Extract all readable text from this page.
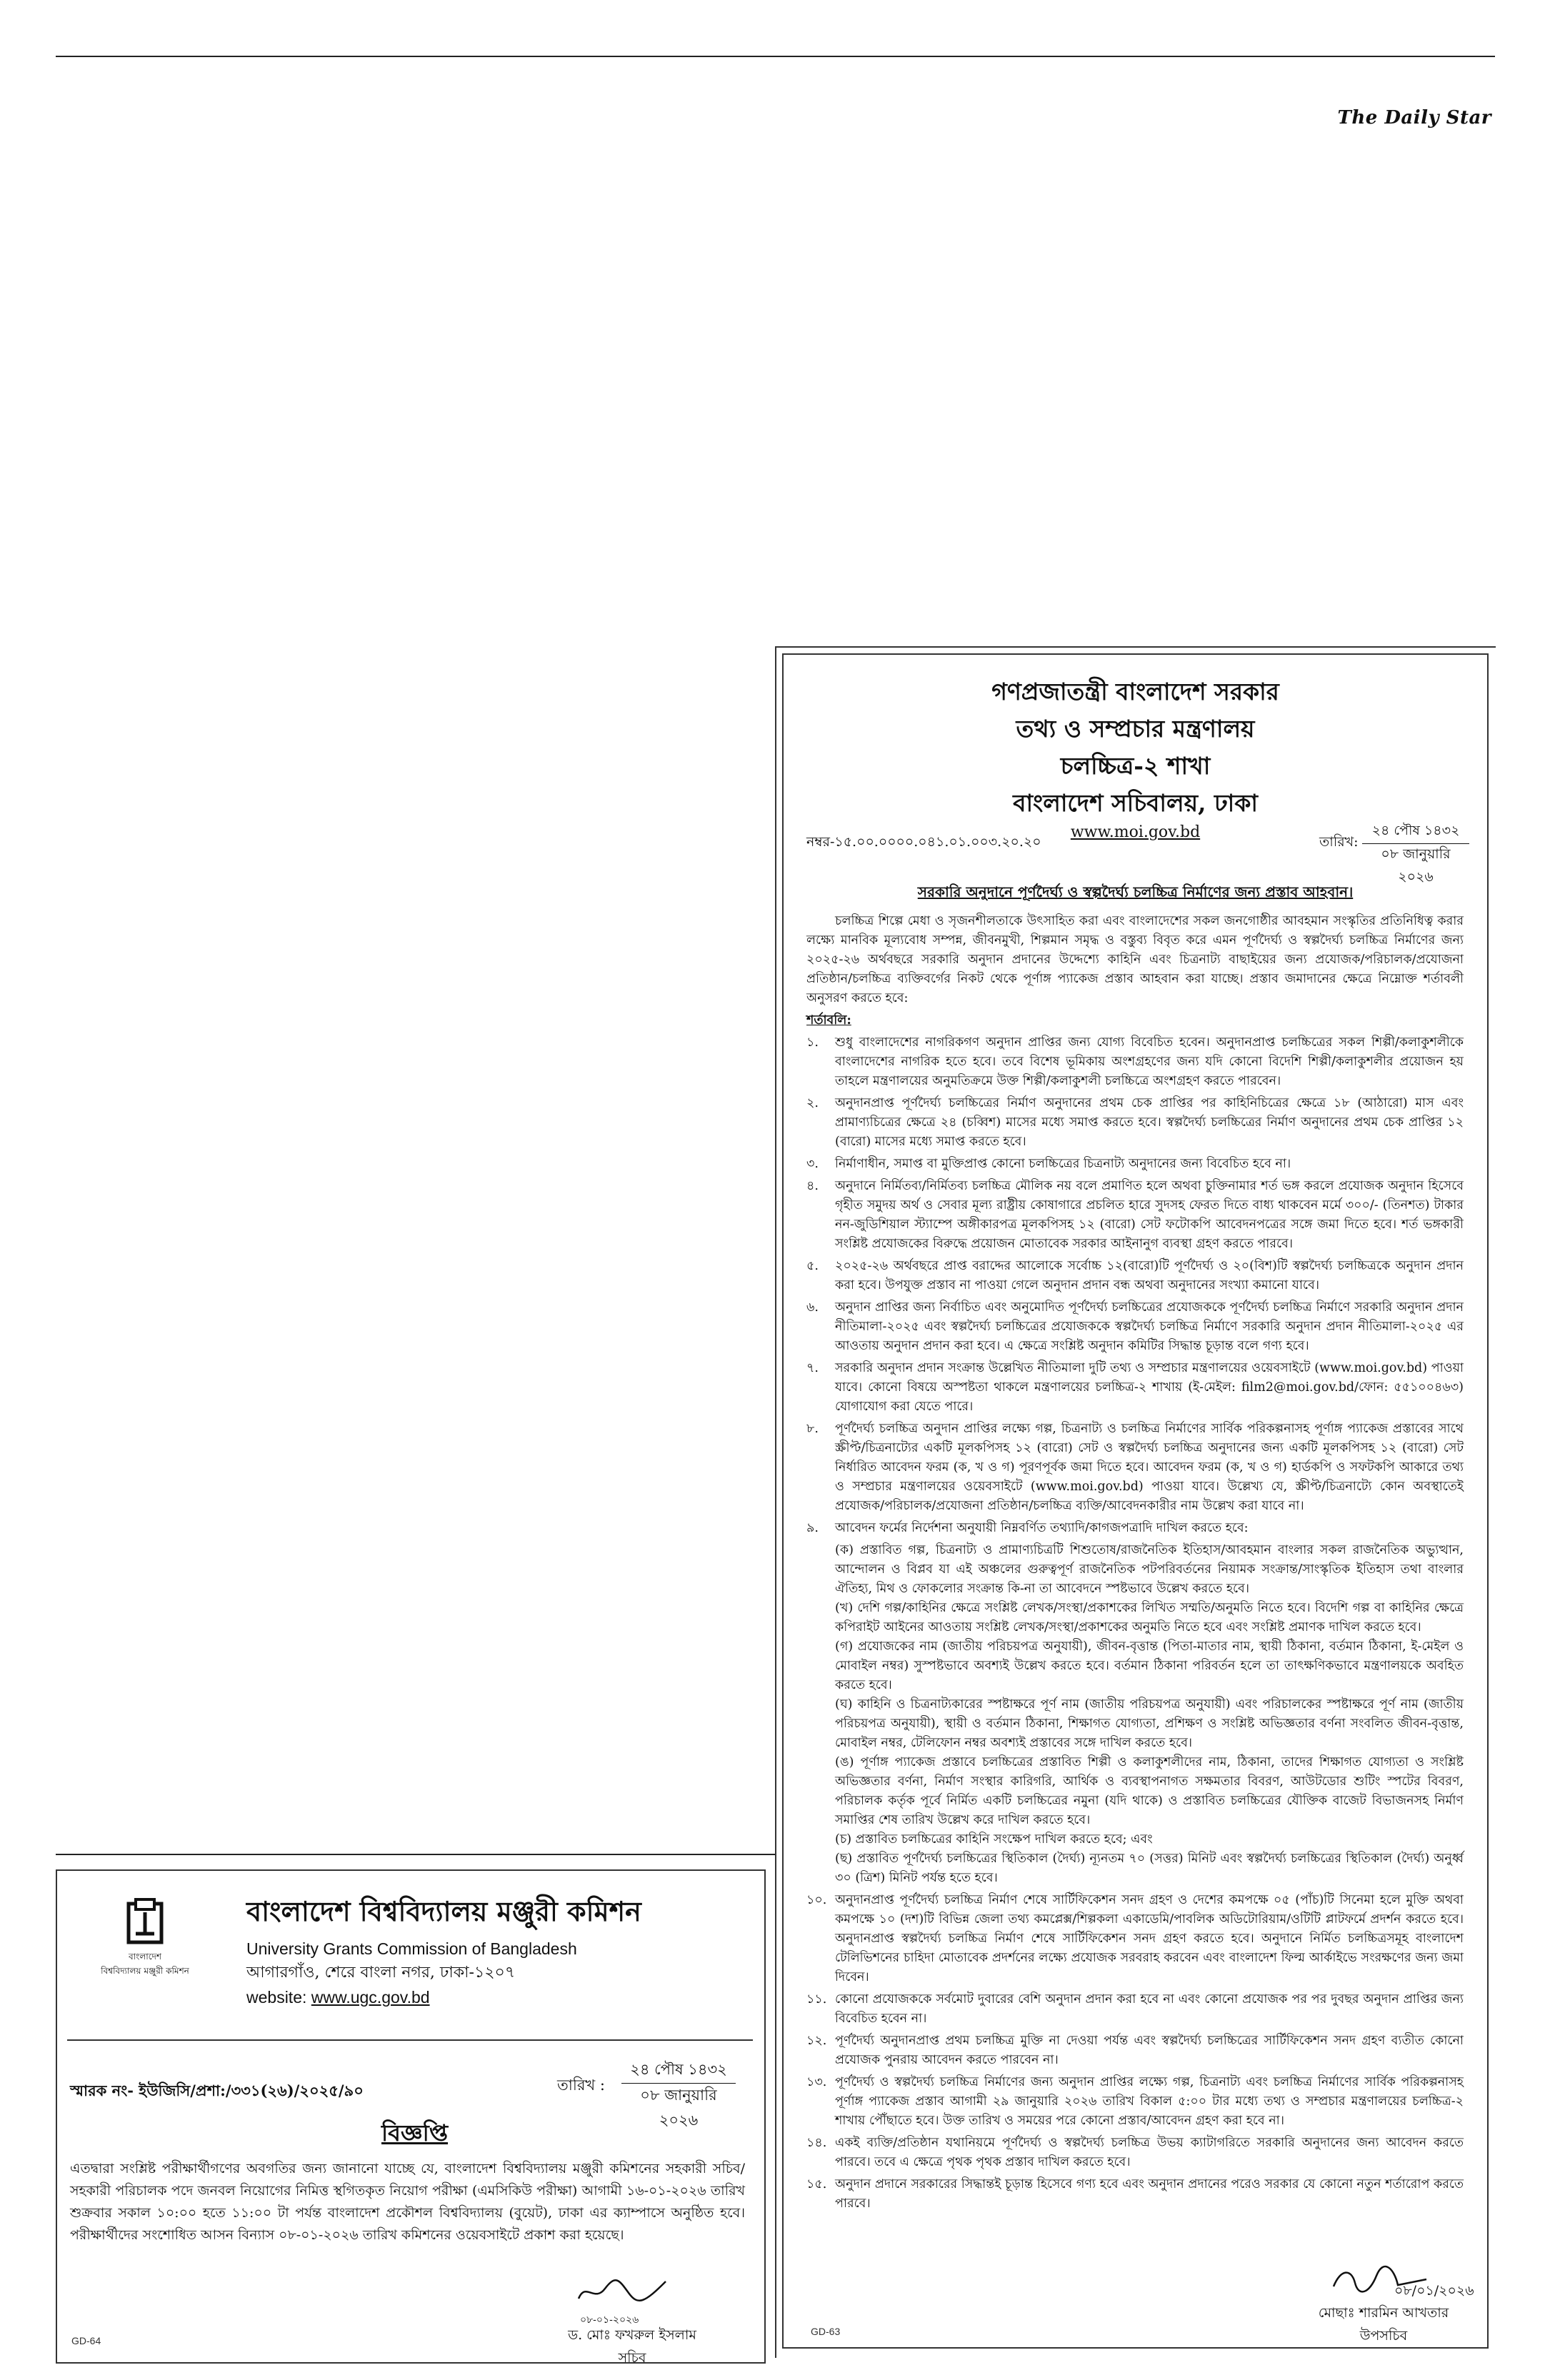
The Daily Star
গণপ্রজাতন্ত্রী বাংলাদেশ সরকার
তথ্য ও সম্প্রচার মন্ত্রণালয়
চলচ্চিত্র-২ শাখা
বাংলাদেশ সচিবালয়, ঢাকা
www.moi.gov.bd
নম্বর-১৫.০০.০০০০.০৪১.০১.০০৩.২০.২০	তারিখ:
২৪ পৌষ ১৪৩২
০৮ জানুয়ারি ২০২৬
সরকারি অনুদানে পূর্ণদৈর্ঘ্য ও স্বল্পদৈর্ঘ্য চলচ্চিত্র নির্মাণের জন্য প্রস্তাব আহবান।
চলচ্চিত্র শিল্পে মেধা ও সৃজনশীলতাকে উৎসাহিত করা এবং বাংলাদেশের সকল জনগোষ্ঠীর আবহমান সংস্কৃতির প্রতিনিধিত্ব করার লক্ষ্যে মানবিক মূল্যবোধ সম্পন্ন, জীবনমুখী, শিল্পমান সমৃদ্ধ ও বস্তুব্য বিবৃত করে এমন পূর্ণদৈর্ঘ্য ও স্বল্পদৈর্ঘ্য চলচ্চিত্র নির্মাণের জন্য ২০২৫-২৬ অর্থবছরে সরকারি অনুদান প্রদানের উদ্দেশ্যে কাহিনি এবং চিত্রনাট্য বাছাইয়ের জন্য প্রযোজক/পরিচালক/প্রযোজনা প্রতিষ্ঠান/চলচ্চিত্র ব্যক্তিবর্গের নিকট থেকে পূর্ণাঙ্গ প্যাকেজ প্রস্তাব আহবান করা যাচ্ছে। প্রস্তাব জমাদানের ক্ষেত্রে নিম্নোক্ত শর্তাবলী অনুসরণ করতে হবে:
শর্তাবলি:
১.	শুধু বাংলাদেশের নাগরিকগণ অনুদান প্রাপ্তির জন্য যোগ্য বিবেচিত হবেন। অনুদানপ্রাপ্ত চলচ্চিত্রের সকল শিল্পী/কলাকুশলীকে বাংলাদেশের নাগরিক হতে হবে। তবে বিশেষ ভূমিকায় অংশগ্রহণের জন্য যদি কোনো বিদেশি শিল্পী/কলাকুশলীর প্রয়োজন হয় তাহলে মন্ত্রণালয়ের অনুমতিক্রমে উক্ত শিল্পী/কলাকুশলী চলচ্চিত্রে অংশগ্রহণ করতে পারবেন।
২.	অনুদানপ্রাপ্ত পূর্ণদৈর্ঘ্য চলচ্চিত্রের নির্মাণ অনুদানের প্রথম চেক প্রাপ্তির পর কাহিনিচিত্রের ক্ষেত্রে ১৮ (আঠারো) মাস এবং প্রামাণ্যচিত্রের ক্ষেত্রে ২৪ (চব্বিশ) মাসের মধ্যে সমাপ্ত করতে হবে। স্বল্পদৈর্ঘ্য চলচ্চিত্রের নির্মাণ অনুদানের প্রথম চেক প্রাপ্তির ১২ (বারো) মাসের মধ্যে সমাপ্ত করতে হবে।
৩.	নির্মাণাধীন, সমাপ্ত বা মুক্তিপ্রাপ্ত কোনো চলচ্চিত্রের চিত্রনাট্য অনুদানের জন্য বিবেচিত হবে না।
৪.	অনুদানে নির্মিতব্য/নির্মিতব্য চলচ্চিত্র মৌলিক নয় বলে প্রমাণিত হলে অথবা চুক্তিনামার শর্ত ভঙ্গ করলে প্রযোজক অনুদান হিসেবে গৃহীত সমুদয় অর্থ ও সেবার মূল্য রাষ্ট্রীয় কোষাগারে প্রচলিত হারে সুদসহ ফেরত দিতে বাধ্য থাকবেন মর্মে ৩০০/- (তিনশত) টাকার নন-জুডিশিয়াল স্ট্যাম্পে অঙ্গীকারপত্র মূলকপিসহ ১২ (বারো) সেট ফটোকপি আবেদনপত্রের সঙ্গে জমা দিতে হবে। শর্ত ভঙ্গকারী সংশ্লিষ্ট প্রযোজকের বিরুদ্ধে প্রয়োজন মোতাবেক সরকার আইনানুগ ব্যবস্থা গ্রহণ করতে পারবে।
৫.	২০২৫-২৬ অর্থবছরে প্রাপ্ত বরাদ্দের আলোকে সর্বোচ্চ ১২(বারো)টি পূর্ণদৈর্ঘ্য ও ২০(বিশ)টি স্বল্পদৈর্ঘ্য চলচ্চিত্রকে অনুদান প্রদান করা হবে। উপযুক্ত প্রস্তাব না পাওয়া গেলে অনুদান প্রদান বন্ধ অথবা অনুদানের সংখ্যা কমানো যাবে।
৬.	অনুদান প্রাপ্তির জন্য নির্বাচিত এবং অনুমোদিত পূর্ণদৈর্ঘ্য চলচ্চিত্রের প্রযোজককে পূর্ণদৈর্ঘ্য চলচ্চিত্র নির্মাণে সরকারি অনুদান প্রদান নীতিমালা-২০২৫ এবং স্বল্পদৈর্ঘ্য চলচ্চিত্রের প্রযোজককে স্বল্পদৈর্ঘ্য চলচ্চিত্র নির্মাণে সরকারি অনুদান প্রদান নীতিমালা-২০২৫ এর আওতায় অনুদান প্রদান করা হবে। এ ক্ষেত্রে সংশ্লিষ্ট অনুদান কমিটির সিদ্ধান্ত চূড়ান্ত বলে গণ্য হবে।
৭.	সরকারি অনুদান প্রদান সংক্রান্ত উল্লেখিত নীতিমালা দুটি তথ্য ও সম্প্রচার মন্ত্রণালয়ের ওয়েবসাইটে (www.moi.gov.bd) পাওয়া যাবে। কোনো বিষয়ে অস্পষ্টতা থাকলে মন্ত্রণালয়ের চলচ্চিত্র-২ শাখায় (ই-মেইল: film2@moi.gov.bd/ফোন: ৫৫১০০৪৬৩) যোগাযোগ করা যেতে পারে।
৮.	পূর্ণদৈর্ঘ্য চলচ্চিত্র অনুদান প্রাপ্তির লক্ষ্যে গল্প, চিত্রনাট্য ও চলচ্চিত্র নির্মাণের সার্বিক পরিকল্পনাসহ পূর্ণাঙ্গ প্যাকেজ প্রস্তাবের সাথে স্ক্রীপ্ট/চিত্রনাট্যের একটি মূলকপিসহ ১২ (বারো) সেট ও স্বল্পদৈর্ঘ্য চলচ্চিত্র অনুদানের জন্য একটি মূলকপিসহ ১২ (বারো) সেট নির্ধারিত আবেদন ফরম (ক, খ ও গ) পূরণপূর্বক জমা দিতে হবে। আবেদন ফরম (ক, খ ও গ) হার্ডকপি ও সফটকপি আকারে তথ্য ও সম্প্রচার মন্ত্রণালয়ের ওয়েবসাইটে (www.moi.gov.bd) পাওয়া যাবে। উল্লেখ্য যে, স্ক্রীপ্ট/চিত্রনাট্যে কোন অবস্থাতেই প্রযোজক/পরিচালক/প্রযোজনা প্রতিষ্ঠান/চলচ্চিত্র ব্যক্তি/আবেদনকারীর নাম উল্লেখ করা যাবে না।
৯.	আবেদন ফর্মের নির্দেশনা অনুযায়ী নিম্নবর্ণিত তথ্যাদি/কাগজপত্রাদি দাখিল করতে হবে:
(ক) প্রস্তাবিত গল্প, চিত্রনাট্য ও প্রামাণ্যচিত্রটি শিশুতোষ/রাজনৈতিক ইতিহাস/আবহমান বাংলার সকল রাজনৈতিক অভ্যুত্থান, আন্দোলন ও বিপ্লব যা এই অঞ্চলের গুরুত্বপূর্ণ রাজনৈতিক পটপরিবর্তনের নিয়ামক সংক্রান্ত/সাংস্কৃতিক ইতিহাস তথা বাংলার ঐতিহ্য, মিথ ও ফোকলোর সংক্রান্ত কি-না তা আবেদনে স্পষ্টভাবে উল্লেখ করতে হবে।
(খ) দেশি গল্প/কাহিনির ক্ষেত্রে সংশ্লিষ্ট লেখক/সংস্থা/প্রকাশকের লিখিত সম্মতি/অনুমতি নিতে হবে। বিদেশি গল্প বা কাহিনির ক্ষেত্রে কপিরাইট আইনের আওতায় সংশ্লিষ্ট লেখক/সংস্থা/প্রকাশকের অনুমতি নিতে হবে এবং সংশ্লিষ্ট প্রমাণক দাখিল করতে হবে।
(গ) প্রযোজকের নাম (জাতীয় পরিচয়পত্র অনুযায়ী), জীবন-বৃত্তান্ত (পিতা-মাতার নাম, স্থায়ী ঠিকানা, বর্তমান ঠিকানা, ই-মেইল ও মোবাইল নম্বর) সুস্পষ্টভাবে অবশ্যই উল্লেখ করতে হবে। বর্তমান ঠিকানা পরিবর্তন হলে তা তাৎক্ষণিকভাবে মন্ত্রণালয়কে অবহিত করতে হবে।
(ঘ) কাহিনি ও চিত্রনাট্যকারের স্পষ্টাক্ষরে পূর্ণ নাম (জাতীয় পরিচয়পত্র অনুযায়ী) এবং পরিচালকের স্পষ্টাক্ষরে পূর্ণ নাম (জাতীয় পরিচয়পত্র অনুযায়ী), স্থায়ী ও বর্তমান ঠিকানা, শিক্ষাগত যোগ্যতা, প্রশিক্ষণ ও সংশ্লিষ্ট অভিজ্ঞতার বর্ণনা সংবলিত জীবন-বৃত্তান্ত, মোবাইল নম্বর, টেলিফোন নম্বর অবশ্যই প্রস্তাবের সঙ্গে দাখিল করতে হবে।
(ঙ) পূর্ণাঙ্গ প্যাকেজ প্রস্তাবে চলচ্চিত্রের প্রস্তাবিত শিল্পী ও কলাকুশলীদের নাম, ঠিকানা, তাদের শিক্ষাগত যোগ্যতা ও সংশ্লিষ্ট অভিজ্ঞতার বর্ণনা, নির্মাণ সংস্থার কারিগরি, আর্থিক ও ব্যবস্থাপনাগত সক্ষমতার বিবরণ, আউটডোর শুটিং স্পটের বিবরণ, পরিচালক কর্তৃক পূর্বে নির্মিত একটি চলচ্চিত্রের নমুনা (যদি থাকে) ও প্রস্তাবিত চলচ্চিত্রের যৌক্তিক বাজেট বিভাজনসহ নির্মাণ সমাপ্তির শেষ তারিখ উল্লেখ করে দাখিল করতে হবে।
(চ) প্রস্তাবিত চলচ্চিত্রের কাহিনি সংক্ষেপ দাখিল করতে হবে; এবং
(ছ) প্রস্তাবিত পূর্ণদৈর্ঘ্য চলচ্চিত্রের স্থিতিকাল (দৈর্ঘ্য) ন্যূনতম ৭০ (সত্তর) মিনিট এবং স্বল্পদৈর্ঘ্য চলচ্চিত্রের স্থিতিকাল (দৈর্ঘ্য) অনুর্ধ্ব ৩০ (ত্রিশ) মিনিট পর্যন্ত হতে হবে।
১০. অনুদানপ্রাপ্ত পূর্ণদৈর্ঘ্য চলচ্চিত্র নির্মাণ শেষে সার্টিফিকেশন সনদ গ্রহণ ও দেশের কমপক্ষে ০৫ (পাঁচ)টি সিনেমা হলে মুক্তি অথবা কমপক্ষে ১০ (দশ)টি বিভিন্ন জেলা তথ্য কমপ্লেক্স/শিল্পকলা একাডেমি/পাবলিক অডিটোরিয়াম/ওটিটি প্লাটফর্মে প্রদর্শন করতে হবে। অনুদানপ্রাপ্ত স্বল্পদৈর্ঘ্য চলচ্চিত্র নির্মাণ শেষে সার্টিফিকেশন সনদ গ্রহণ করতে হবে। অনুদানে নির্মিত চলচ্চিত্রসমূহ বাংলাদেশ টেলিভিশনের চাহিদা মোতাবেক প্রদর্শনের লক্ষ্যে প্রযোজক সরবরাহ করবেন এবং বাংলাদেশ ফিল্ম আর্কাইভে সংরক্ষণের জন্য জমা দিবেন।
১১. কোনো প্রযোজককে সর্বমোট দুবারের বেশি অনুদান প্রদান করা হবে না এবং কোনো প্রযোজক পর পর দুবছর অনুদান প্রাপ্তির জন্য বিবেচিত হবেন না।
১২. পূর্ণদৈর্ঘ্য অনুদানপ্রাপ্ত প্রথম চলচ্চিত্র মুক্তি না দেওয়া পর্যন্ত এবং স্বল্পদৈর্ঘ্য চলচ্চিত্রের সার্টিফিকেশন সনদ গ্রহণ ব্যতীত কোনো প্রযোজক পুনরায় আবেদন করতে পারবেন না।
১৩. পূর্ণদৈর্ঘ্য ও স্বল্পদৈর্ঘ্য চলচ্চিত্র নির্মাণের জন্য অনুদান প্রাপ্তির লক্ষ্যে গল্প, চিত্রনাট্য এবং চলচ্চিত্র নির্মাণের সার্বিক পরিকল্পনাসহ পূর্ণাঙ্গ প্যাকেজ প্রস্তাব আগামী ২৯ জানুয়ারি ২০২৬ তারিখ বিকাল ৫:০০ টার মধ্যে তথ্য ও সম্প্রচার মন্ত্রণালয়ের চলচ্চিত্র-২ শাখায় পৌঁছাতে হবে। উক্ত তারিখ ও সময়ের পরে কোনো প্রস্তাব/আবেদন গ্রহণ করা হবে না।
১৪. একই ব্যক্তি/প্রতিষ্ঠান যথানিয়মে পূর্ণদৈর্ঘ্য ও স্বল্পদৈর্ঘ্য চলচ্চিত্র উভয় ক্যাটাগরিতে সরকারি অনুদানের জন্য আবেদন করতে পারবে। তবে এ ক্ষেত্রে পৃথক পৃথক প্রস্তাব দাখিল করতে হবে।
১৫. অনুদান প্রদানে সরকারের সিদ্ধান্তই চূড়ান্ত হিসেবে গণ্য হবে এবং অনুদান প্রদানের পরেও সরকার যে কোনো নতুন শর্তারোপ করতে পারবে।
০৮/০১/২০২৬
মোছাঃ শারমিন আখতার
উপসচিব
GD-63
বাংলাদেশ
বিশ্ববিদ্যালয় মঞ্জুরী কমিশন
বাংলাদেশ বিশ্ববিদ্যালয় মঞ্জুরী কমিশন
University Grants Commission of Bangladesh
আগারগাঁও, শেরে বাংলা নগর, ঢাকা-১২০৭
website: www.ugc.gov.bd
স্মারক নং- ইউজিসি/প্রশা:/৩৩১(২৬)/২০২৫/৯০	তারিখ :
২৪ পৌষ ১৪৩২
০৮ জানুয়ারি ২০২৬
বিজ্ঞপ্তি
এতদ্বারা সংশ্লিষ্ট পরীক্ষার্থীগণের অবগতির জন্য জানানো যাচ্ছে যে, বাংলাদেশ বিশ্ববিদ্যালয় মঞ্জুরী কমিশনের সহকারী সচিব/ সহকারী পরিচালক পদে জনবল নিয়োগের নিমিত্ত স্থগিতকৃত নিয়োগ পরীক্ষা (এমসিকিউ পরীক্ষা) আগামী ১৬-০১-২০২৬ তারিখ শুক্রবার সকাল ১০:০০ হতে ১১:০০ টা পর্যন্ত বাংলাদেশ প্রকৌশল বিশ্ববিদ্যালয় (বুয়েট), ঢাকা এর ক্যাম্পাসে অনুষ্ঠিত হবে। পরীক্ষার্থীদের সংশোধিত আসন বিন্যাস ০৮-০১-২০২৬ তারিখ কমিশনের ওয়েবসাইটে প্রকাশ করা হয়েছে।
০৮-০১-২০২৬
ড. মোঃ ফখরুল ইসলাম
সচিব
GD-64
